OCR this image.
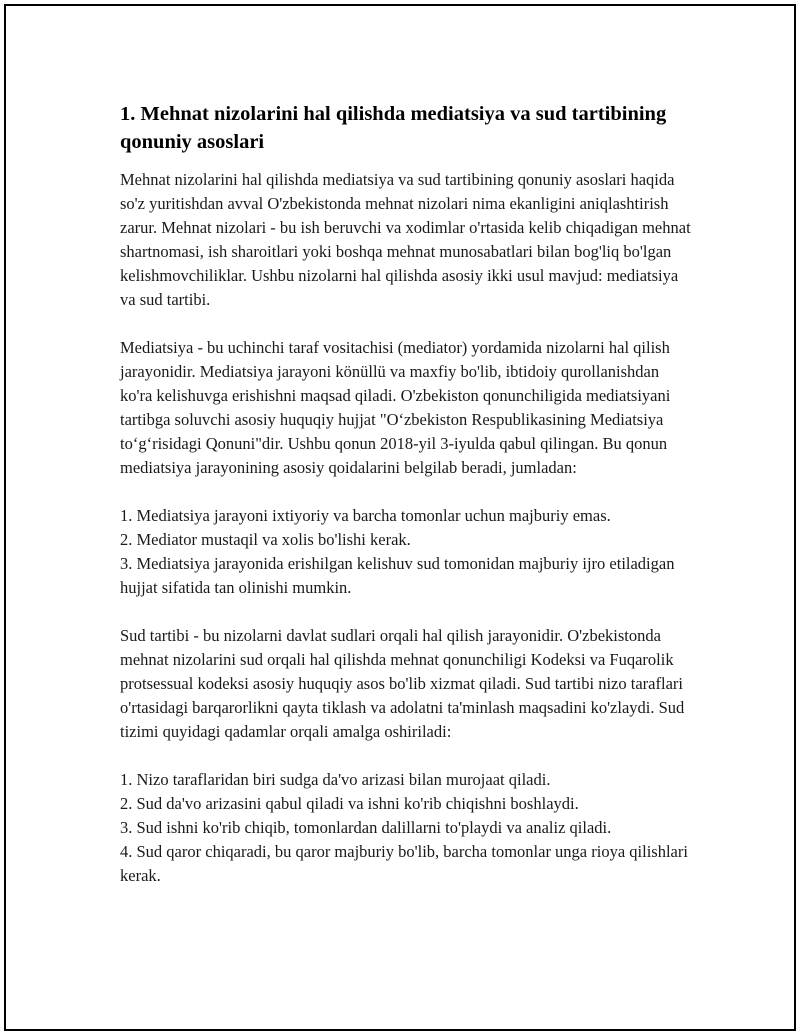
1. Mehnat nizolarini hal qilishda mediatsiya va sud tartibining qonuniy asoslari

Mehnat nizolarini hal qilishda mediatsiya va sud tartibining qonuniy asoslari haqida so'z yuritishdan avval O'zbekistonda mehnat nizolari nima ekanligini aniqlashtirish zarur. Mehnat nizolari - bu ish beruvchi va xodimlar o'rtasida kelib chiqadigan mehnat shartnomasi, ish sharoitlari yoki boshqa mehnat munosabatlari bilan bog'liq bo'lgan kelishmovchiliklar. Ushbu nizolarni hal qilishda asosiy ikki usul mavjud: mediatsiya va sud tartibi.

Mediatsiya - bu uchinchi taraf vositachisi (mediator) yordamida nizolarni hal qilish jarayonidir. Mediatsiya jarayoni könüllü va maxfiy bo'lib, ibtidoiy qurollanishdan ko'ra kelishuvga erishishni maqsad qiladi. O'zbekiston qonunchiligida mediatsiyani tartibga soluvchi asosiy huquqiy hujjat "O‘zbekiston Respublikasining Mediatsiya to‘g‘risidagi Qonuni"dir. Ushbu qonun 2018-yil 3-iyulda qabul qilingan. Bu qonun mediatsiya jarayonining asosiy qoidalarini belgilab beradi, jumladan:

1. Mediatsiya jarayoni ixtiyoriy va barcha tomonlar uchun majburiy emas.
2. Mediator mustaqil va xolis bo'lishi kerak.
3. Mediatsiya jarayonida erishilgan kelishuv sud tomonidan majburiy ijro etiladigan hujjat sifatida tan olinishi mumkin.

Sud tartibi - bu nizolarni davlat sudlari orqali hal qilish jarayonidir. O'zbekistonda mehnat nizolarini sud orqali hal qilishda mehnat qonunchiligi Kodeksi va Fuqarolik protsessual kodeksi asosiy huquqiy asos bo'lib xizmat qiladi. Sud tartibi nizo taraflari o'rtasidagi barqarorlikni qayta tiklash va adolatni ta'minlash maqsadini ko'zlaydi. Sud tizimi quyidagi qadamlar orqali amalga oshiriladi:

1. Nizo taraflaridan biri sudga da'vo arizasi bilan murojaat qiladi.
2. Sud da'vo arizasini qabul qiladi va ishni ko'rib chiqishni boshlaydi.
3. Sud ishni ko'rib chiqib, tomonlardan dalillarni to'playdi va analiz qiladi.
4. Sud qaror chiqaradi, bu qaror majburiy bo'lib, barcha tomonlar unga rioya qilishlari kerak.
